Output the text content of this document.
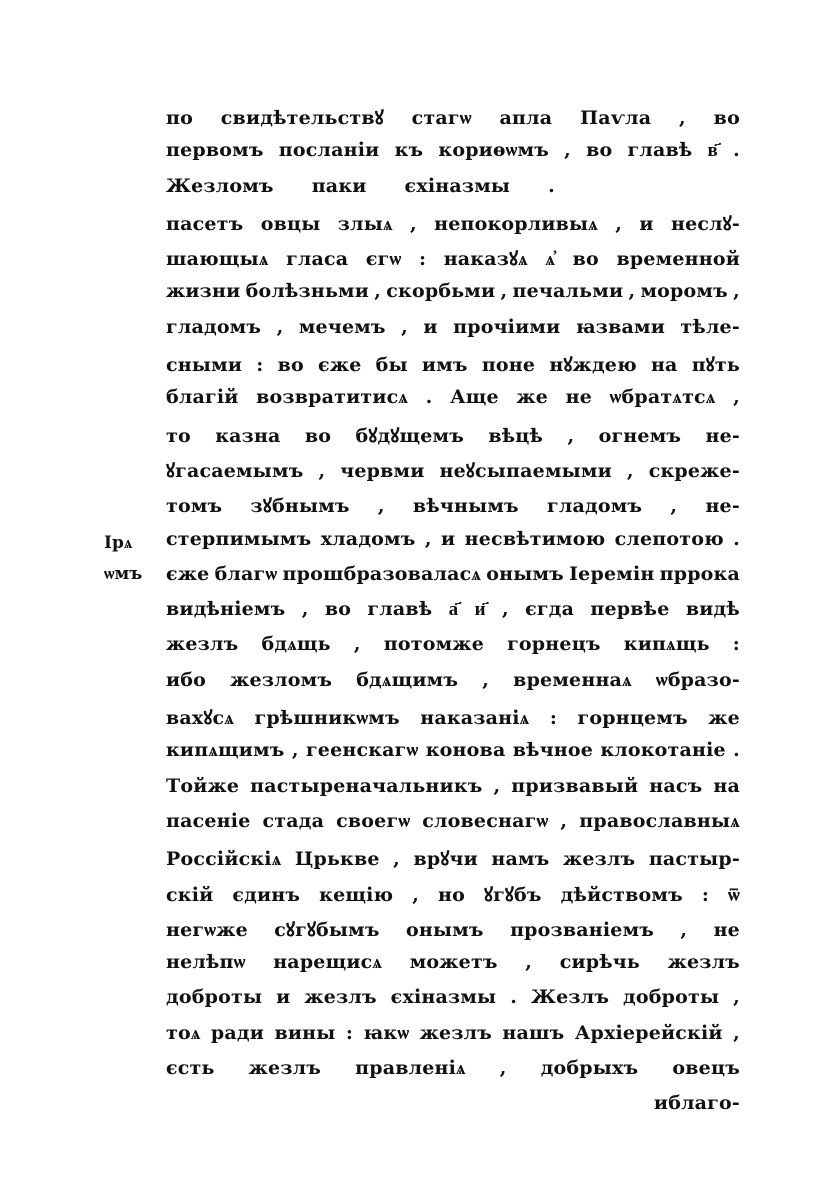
Ірѧ
ѡмъ
по свидѣтельствꙋ стагѡ апла Паѵла , во
первомъ посланіи къ кориѳѡмъ , во главѣ в҃ .
Жезломъ паки єхіназмы .
пасетъ овцы злыѧ , непокорливыѧ , и неслꙋ-
шающыѧ гласа єгѡ : наказꙋѧ ѧ҆ во временной
жизни болѣзньми , скорбьми , печальми , моромъ ,
гладомъ , мечемъ , и прочіими ꙗзвами тѣле-
сными : во єже бы имъ поне нꙋждею на пꙋть
благій возвратитисѧ . Аще же не ѡбратѧтсѧ ,
то казна во бꙋдꙋщемъ вѣцѣ , огнемъ не-
ꙋгасаемымъ , червми неꙋсыпаемыми , скреже-
томъ зꙋбнымъ , вѣчнымъ гладомъ , не-
стерпимымъ хладомъ , и несвѣтимою слепотою .
єже благѡ прошбразоваласѧ онымъ Іеремін пррока
видѣніемъ , во главѣ а҃ и҃ , єгда первѣе видѣ
жезлъ бдѧщь , потомже горнецъ кипѧщь :
ибо жезломъ бдѧщимъ , временнаѧ ѡбразо-
вахꙋсѧ грѣшникѡмъ наказаніѧ : горнцемъ же
кипѧщимъ , геенскагѡ конова вѣчное клокотаніе .
Тойже пастыреначальникъ , призвавый насъ на
пасеніе стада своегѡ словеснагѡ , православныѧ
Россійскіѧ Црькве , врꙋчи намъ жезлъ пастыр-
скій єдинъ кещію , но ꙋгꙋбъ дѣйствомъ : ѿ
негѡже сꙋгꙋбымъ онымъ прозваніемъ , не
нелѣпѡ нарещисѧ можетъ , сирѣчь жезлъ
доброты и жезлъ єхіназмы . Жезлъ доброты ,
тоѧ ради вины : ꙗкѡ жезлъ нашъ Архіерейскій ,
єсть жезлъ правленіѧ , добрыхъ овецъ
и благо-
